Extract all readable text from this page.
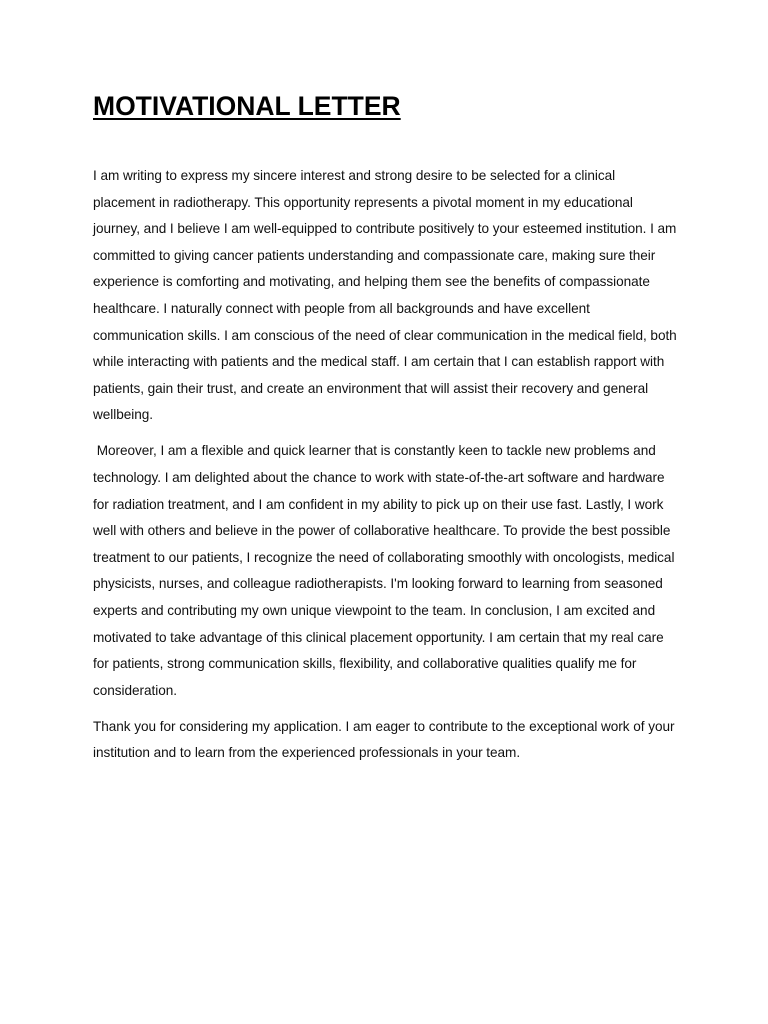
MOTIVATIONAL LETTER

I am writing to express my sincere interest and strong desire to be selected for a clinical placement in radiotherapy. This opportunity represents a pivotal moment in my educational journey, and I believe I am well-equipped to contribute positively to your esteemed institution. I am committed to giving cancer patients understanding and compassionate care, making sure their experience is comforting and motivating, and helping them see the benefits of compassionate healthcare. I naturally connect with people from all backgrounds and have excellent communication skills. I am conscious of the need of clear communication in the medical field, both while interacting with patients and the medical staff. I am certain that I can establish rapport with patients, gain their trust, and create an environment that will assist their recovery and general wellbeing.

Moreover, I am a flexible and quick learner that is constantly keen to tackle new problems and technology. I am delighted about the chance to work with state-of-the-art software and hardware for radiation treatment, and I am confident in my ability to pick up on their use fast. Lastly, I work well with others and believe in the power of collaborative healthcare. To provide the best possible treatment to our patients, I recognize the need of collaborating smoothly with oncologists, medical physicists, nurses, and colleague radiotherapists. I'm looking forward to learning from seasoned experts and contributing my own unique viewpoint to the team. In conclusion, I am excited and motivated to take advantage of this clinical placement opportunity. I am certain that my real care for patients, strong communication skills, flexibility, and collaborative qualities qualify me for consideration.

Thank you for considering my application. I am eager to contribute to the exceptional work of your institution and to learn from the experienced professionals in your team.
